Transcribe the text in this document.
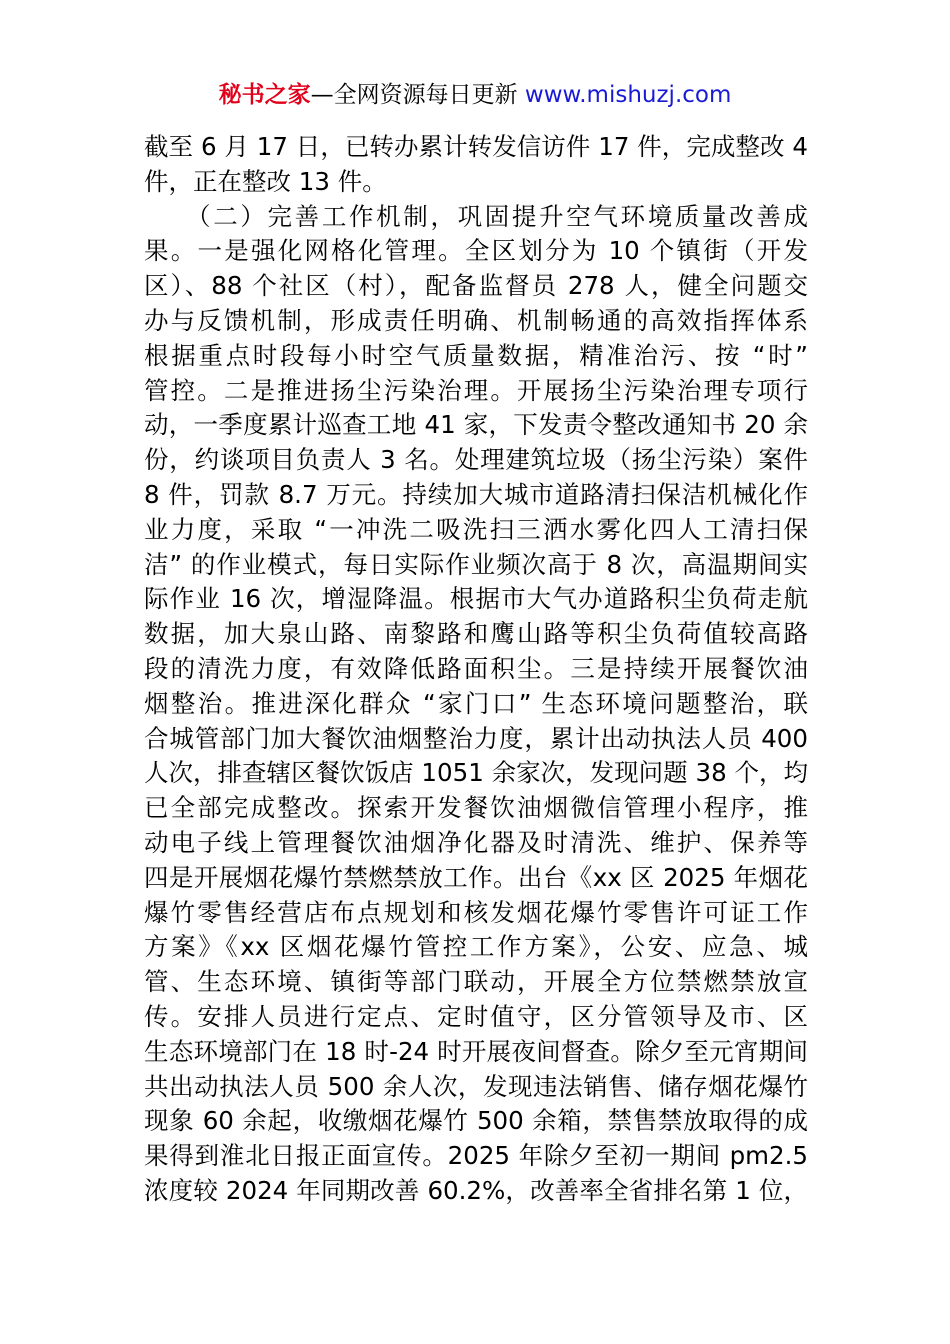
秘书之家—全网资源每日更新 www.mishuzj.com
截至 6 月 17 日，已转办累计转发信访件 17 件，完成整改 4
件，正在整改 13 件。
　　（二）完善工作机制，巩固提升空气环境质量改善成
果。一是强化网格化管理。全区划分为 10 个镇街（开发
区）、88 个社区（村），配备监督员 278 人，健全问题交
办与反馈机制，形成责任明确、机制畅通的高效指挥体系
根据重点时段每小时空气质量数据，精准治污、按 “时”
管控。二是推进扬尘污染治理。开展扬尘污染治理专项行
动，一季度累计巡查工地 41 家，下发责令整改通知书 20 余
份，约谈项目负责人 3 名。处理建筑垃圾（扬尘污染）案件
8 件，罚款 8.7 万元。持续加大城市道路清扫保洁机械化作
业力度，采取 “一冲洗二吸洗扫三洒水雾化四人工清扫保
洁” 的作业模式，每日实际作业频次高于 8 次，高温期间实
际作业 16 次，增湿降温。根据市大气办道路积尘负荷走航
数据，加大泉山路、南黎路和鹰山路等积尘负荷值较高路
段的清洗力度，有效降低路面积尘。三是持续开展餐饮油
烟整治。推进深化群众 “家门口” 生态环境问题整治，联
合城管部门加大餐饮油烟整治力度，累计出动执法人员 400
人次，排查辖区餐饮饭店 1051 余家次，发现问题 38 个，均
已全部完成整改。探索开发餐饮油烟微信管理小程序，推
动电子线上管理餐饮油烟净化器及时清洗、维护、保养等
四是开展烟花爆竹禁燃禁放工作。出台《xx 区 2025 年烟花
爆竹零售经营店布点规划和核发烟花爆竹零售许可证工作
方案》《xx 区烟花爆竹管控工作方案》，公安、应急、城
管、生态环境、镇街等部门联动，开展全方位禁燃禁放宣
传。安排人员进行定点、定时值守，区分管领导及市、区
生态环境部门在 18 时-24 时开展夜间督查。除夕至元宵期间
共出动执法人员 500 余人次，发现违法销售、储存烟花爆竹
现象 60 余起，收缴烟花爆竹 500 余箱，禁售禁放取得的成
果得到淮北日报正面宣传。2025 年除夕至初一期间 pm2.5
浓度较 2024 年同期改善 60.2%，改善率全省排名第 1 位，
